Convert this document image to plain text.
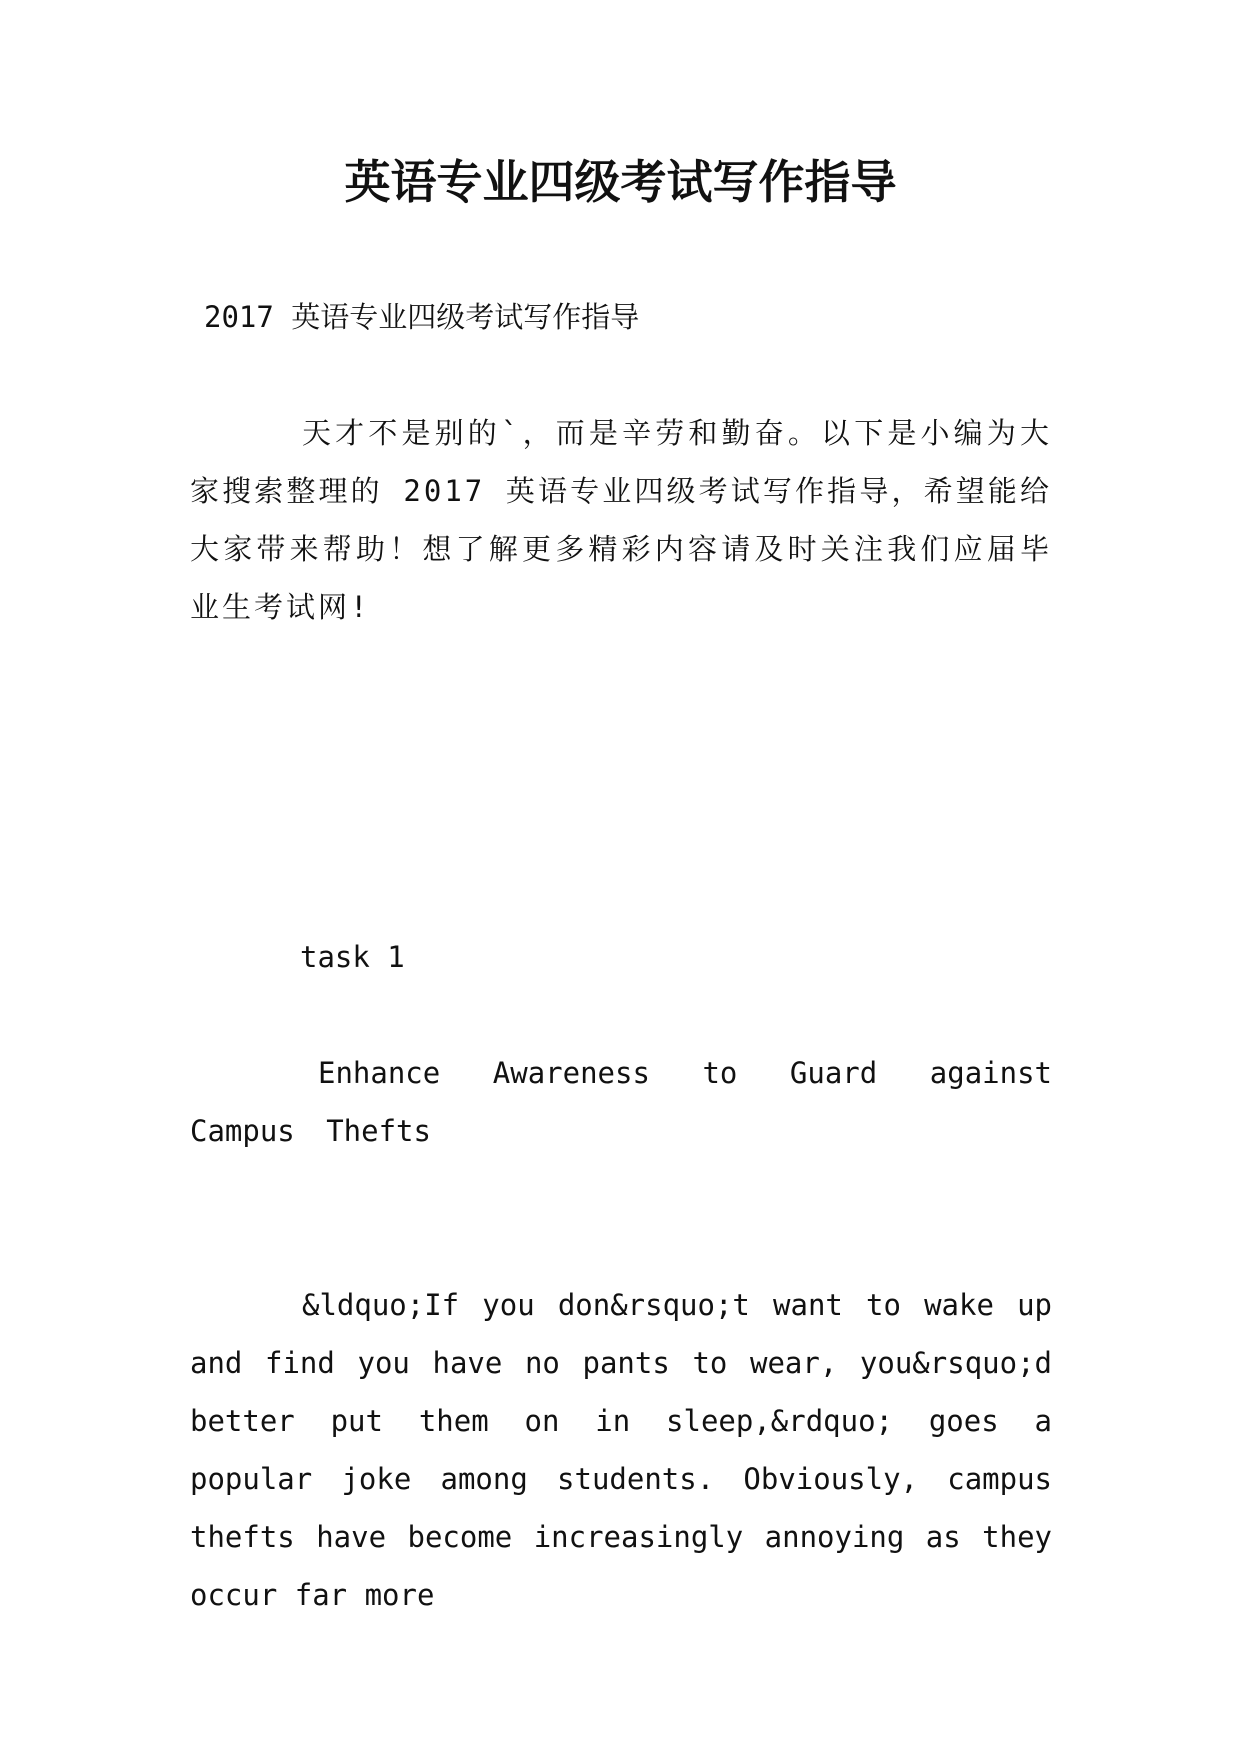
英语专业四级考试写作指导

2017 英语专业四级考试写作指导

天才不是别的`，而是辛劳和勤奋。以下是小编为大家搜索整理的 2017 英语专业四级考试写作指导，希望能给大家带来帮助！想了解更多精彩内容请及时关注我们应届毕业生考试网!

task 1

Enhance Awareness to Guard against Campus Thefts

&ldquo;If you don&rsquo;t want to wake up and find you have no pants to wear, you&rsquo;d better put them on in sleep,&rdquo; goes a popular joke among students. Obviously, campus thefts have become increasingly annoying as they occur far more
